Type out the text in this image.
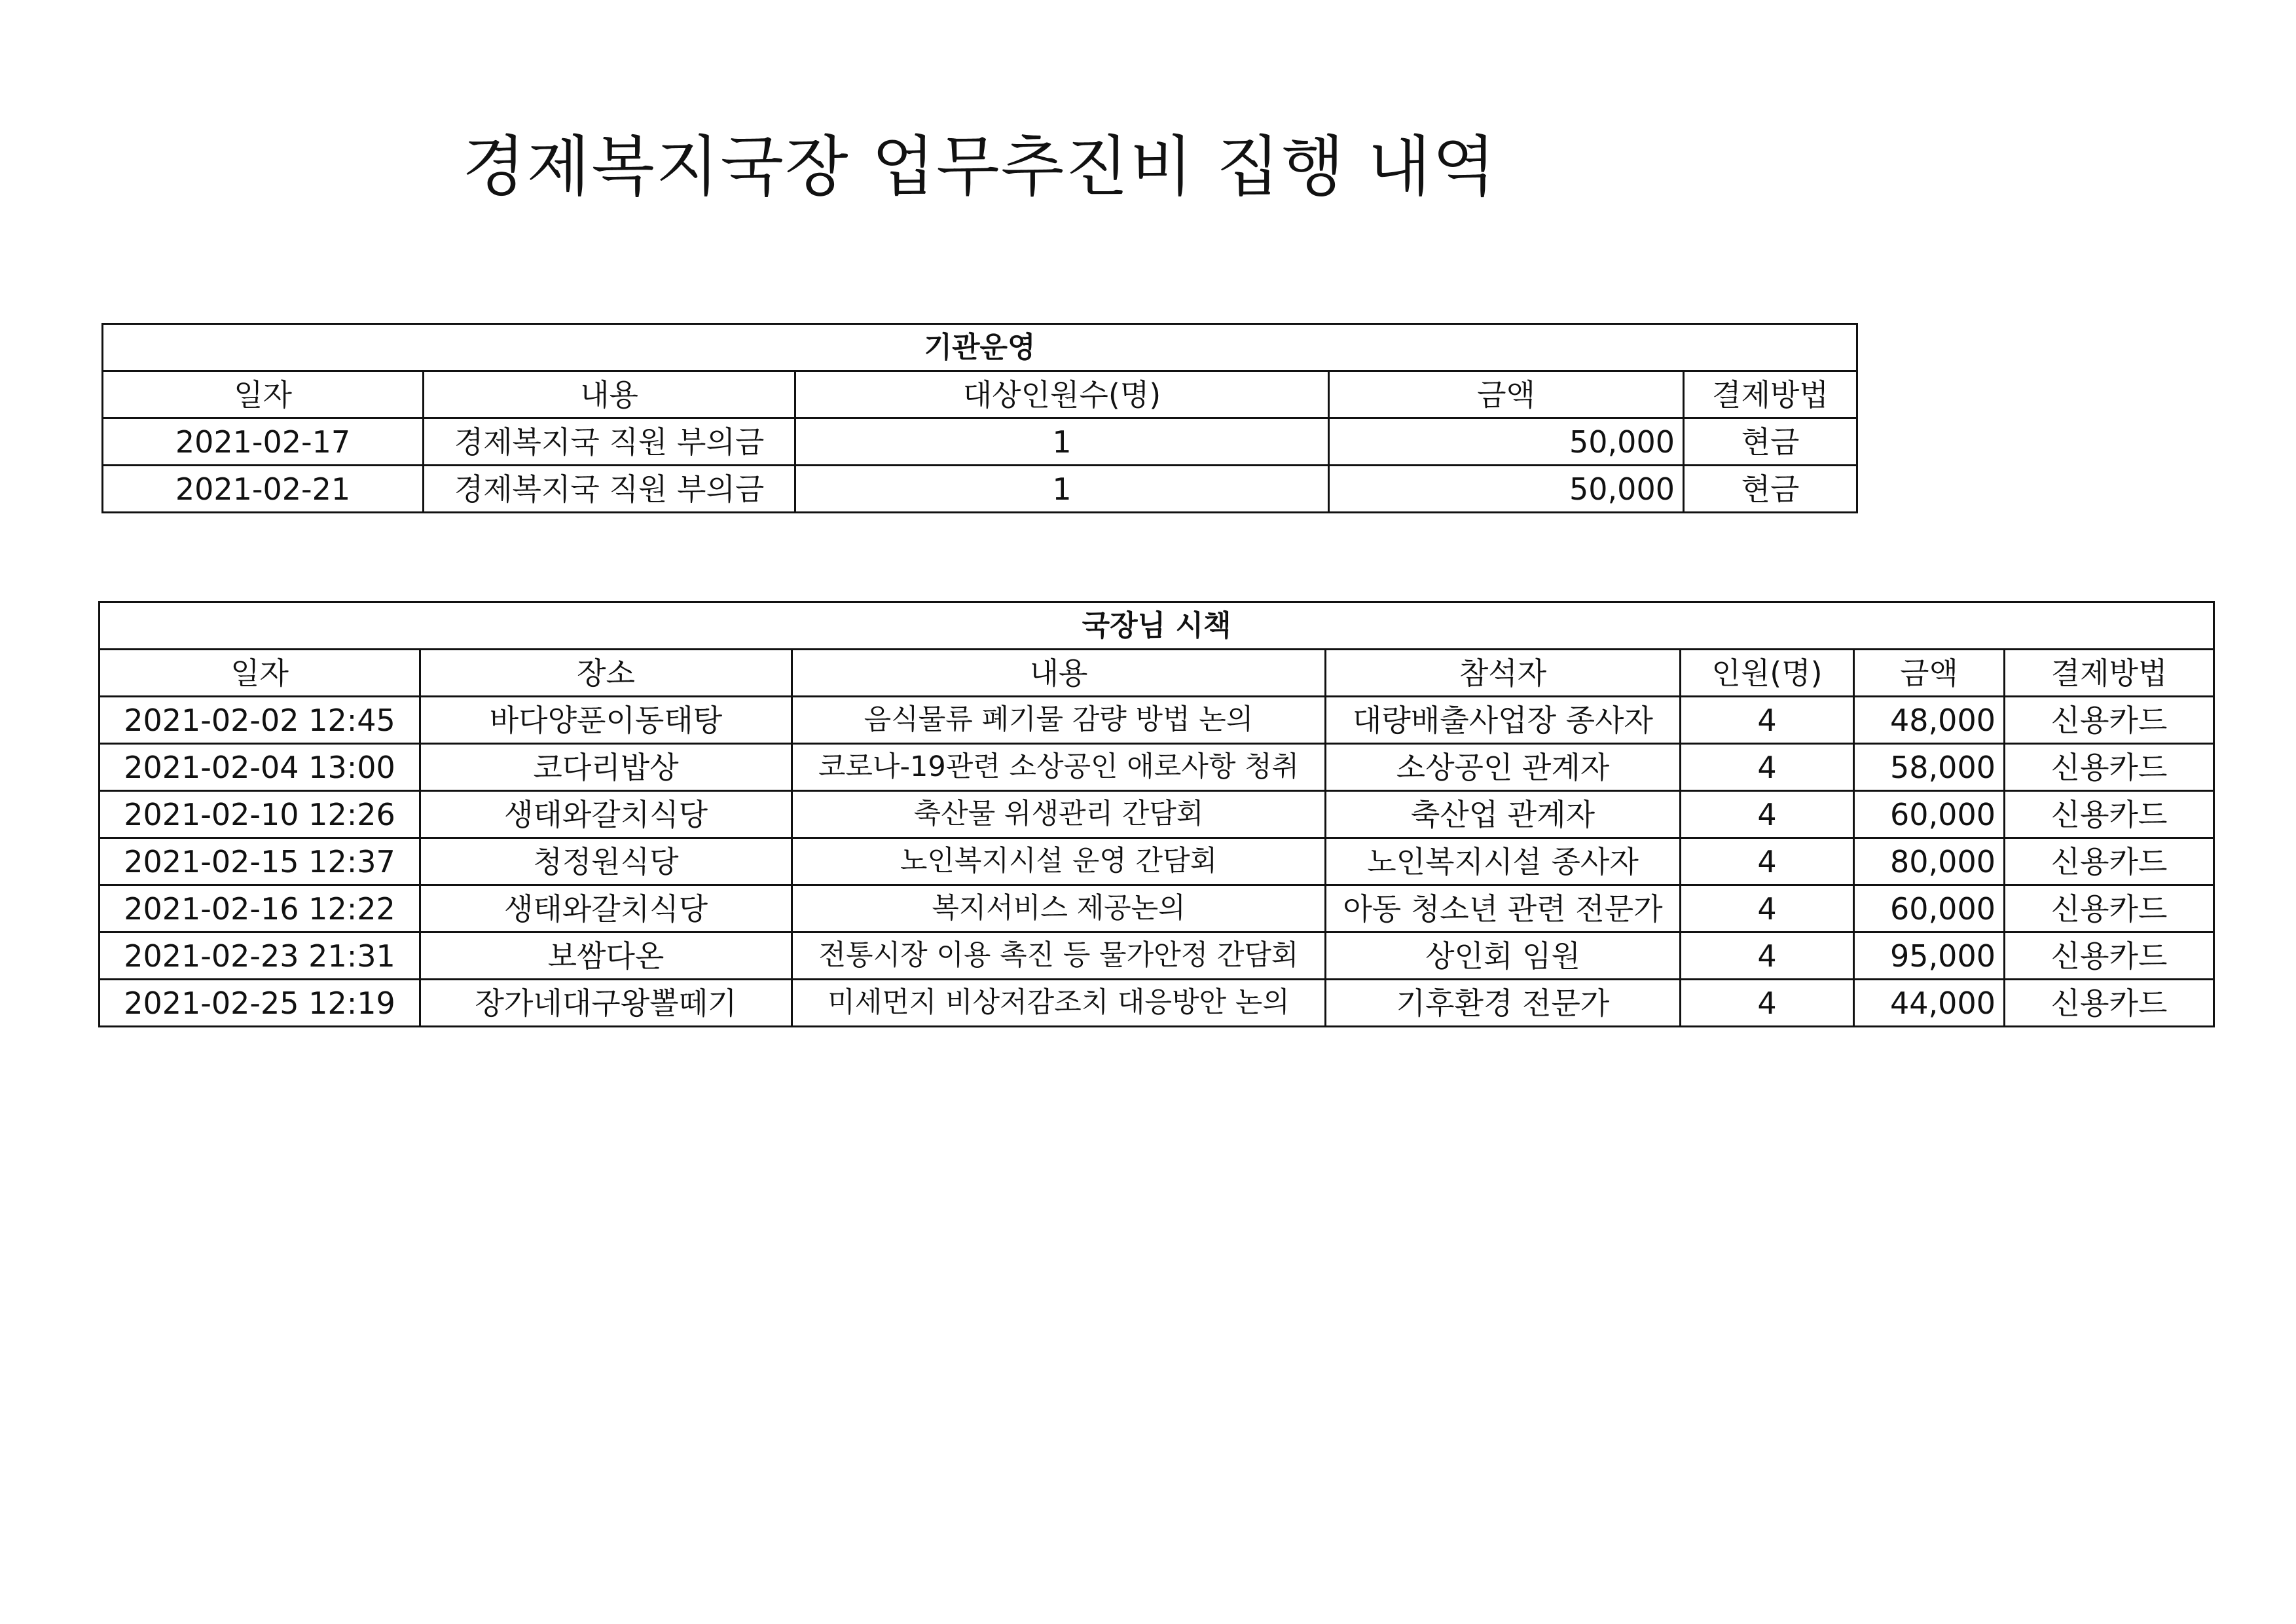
경제복지국장 업무추진비 집행 내역
기관운영				
일자	내용	대상인원수(명)	금액	결제방법
2021-02-17	경제복지국 직원 부의금	1	50,000	현금
2021-02-21	경제복지국 직원 부의금	1	50,000	현금
국장님 시책						
일자	장소	내용	참석자	인원(명)	금액	결제방법
2021-02-02 12:45	바다양푼이동태탕	음식물류 폐기물 감량 방법 논의	대량배출사업장 종사자	4	48,000	신용카드
2021-02-04 13:00	코다리밥상	코로나-19관련 소상공인 애로사항 청취	소상공인 관계자	4	58,000	신용카드
2021-02-10 12:26	생태와갈치식당	축산물 위생관리 간담회	축산업 관계자	4	60,000	신용카드
2021-02-15 12:37	청정원식당	노인복지시설 운영 간담회	노인복지시설 종사자	4	80,000	신용카드
2021-02-16 12:22	생태와갈치식당	복지서비스 제공논의	아동 청소년 관련 전문가	4	60,000	신용카드
2021-02-23 21:31	보쌈다온	전통시장 이용 촉진 등 물가안정 간담회	상인회 임원	4	95,000	신용카드
2021-02-25 12:19	장가네대구왕뽈떼기	미세먼지 비상저감조치 대응방안 논의	기후환경 전문가	4	44,000	신용카드
